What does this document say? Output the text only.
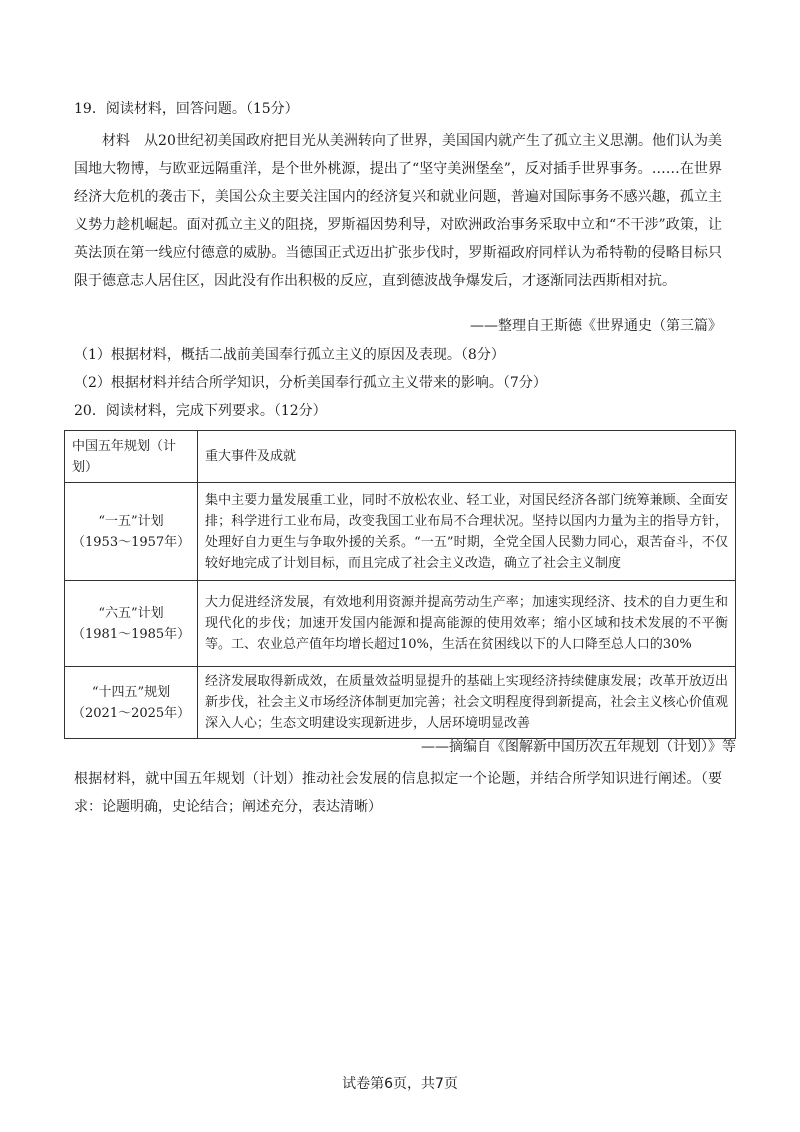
19．阅读材料，回答问题。（15分）
材料　 从20世纪初美国政府把目光从美洲转向了世界，美国国内就产生了孤立主义思潮。他们认为美国地大物博，与欧亚远隔重洋，是个世外桃源，提出了“坚守美洲堡垒”，反对插手世界事务。……在世界经济大危机的袭击下，美国公众主要关注国内的经济复兴和就业问题，普遍对国际事务不感兴趣，孤立主义势力趁机崛起。面对孤立主义的阻挠，罗斯福因势利导，对欧洲政治事务采取中立和“不干涉”政策，让英法顶在第一线应付德意的威胁。当德国正式迈出扩张步伐时，罗斯福政府同样认为希特勒的侵略目标只限于德意志人居住区，因此没有作出积极的反应，直到德波战争爆发后，才逐渐同法西斯相对抗。
——整理自王斯德《世界通史（第三篇》
（1）根据材料，概括二战前美国奉行孤立主义的原因及表现。（8分）
（2）根据材料并结合所学知识，分析美国奉行孤立主义带来的影响。（7分）
20．阅读材料，完成下列要求。（12分）
中国五年规划（计划）	重大事件及成就

“一五”计划
（1953～1957年）	集中主要力量发展重工业，同时不放松农业、轻工业，对国民经济各部门统筹兼顾、全面安排；科学进行工业布局，改变我国工业布局不合理状况。坚持以国内力量为主的指导方针，处理好自力更生与争取外援的关系。“一五”时期，全党全国人民勠力同心，艰苦奋斗，不仅较好地完成了计划目标，而且完成了社会主义改造，确立了社会主义制度

“六五”计划
（1981～1985年）	大力促进经济发展，有效地利用资源并提高劳动生产率；加速实现经济、技术的自力更生和现代化的步伐；加速开发国内能源和提高能源的使用效率；缩小区域和技术发展的不平衡等。工、农业总产值年均增长超过10%，生活在贫困线以下的人口降至总人口的30%

“十四五”规划
（2021～2025年）	经济发展取得新成效，在质量效益明显提升的基础上实现经济持续健康发展；改革开放迈出新步伐，社会主义市场经济体制更加完善；社会文明程度得到新提高，社会主义核心价值观深入人心；生态文明建设实现新进步，人居环境明显改善
——摘编自《图解新中国历次五年规划（计划）》等
根据材料，就中国五年规划（计划）推动社会发展的信息拟定一个论题，并结合所学知识进行阐述。（要求：论题明确，史论结合；阐述充分，表达清晰）
试卷第6页，共7页
